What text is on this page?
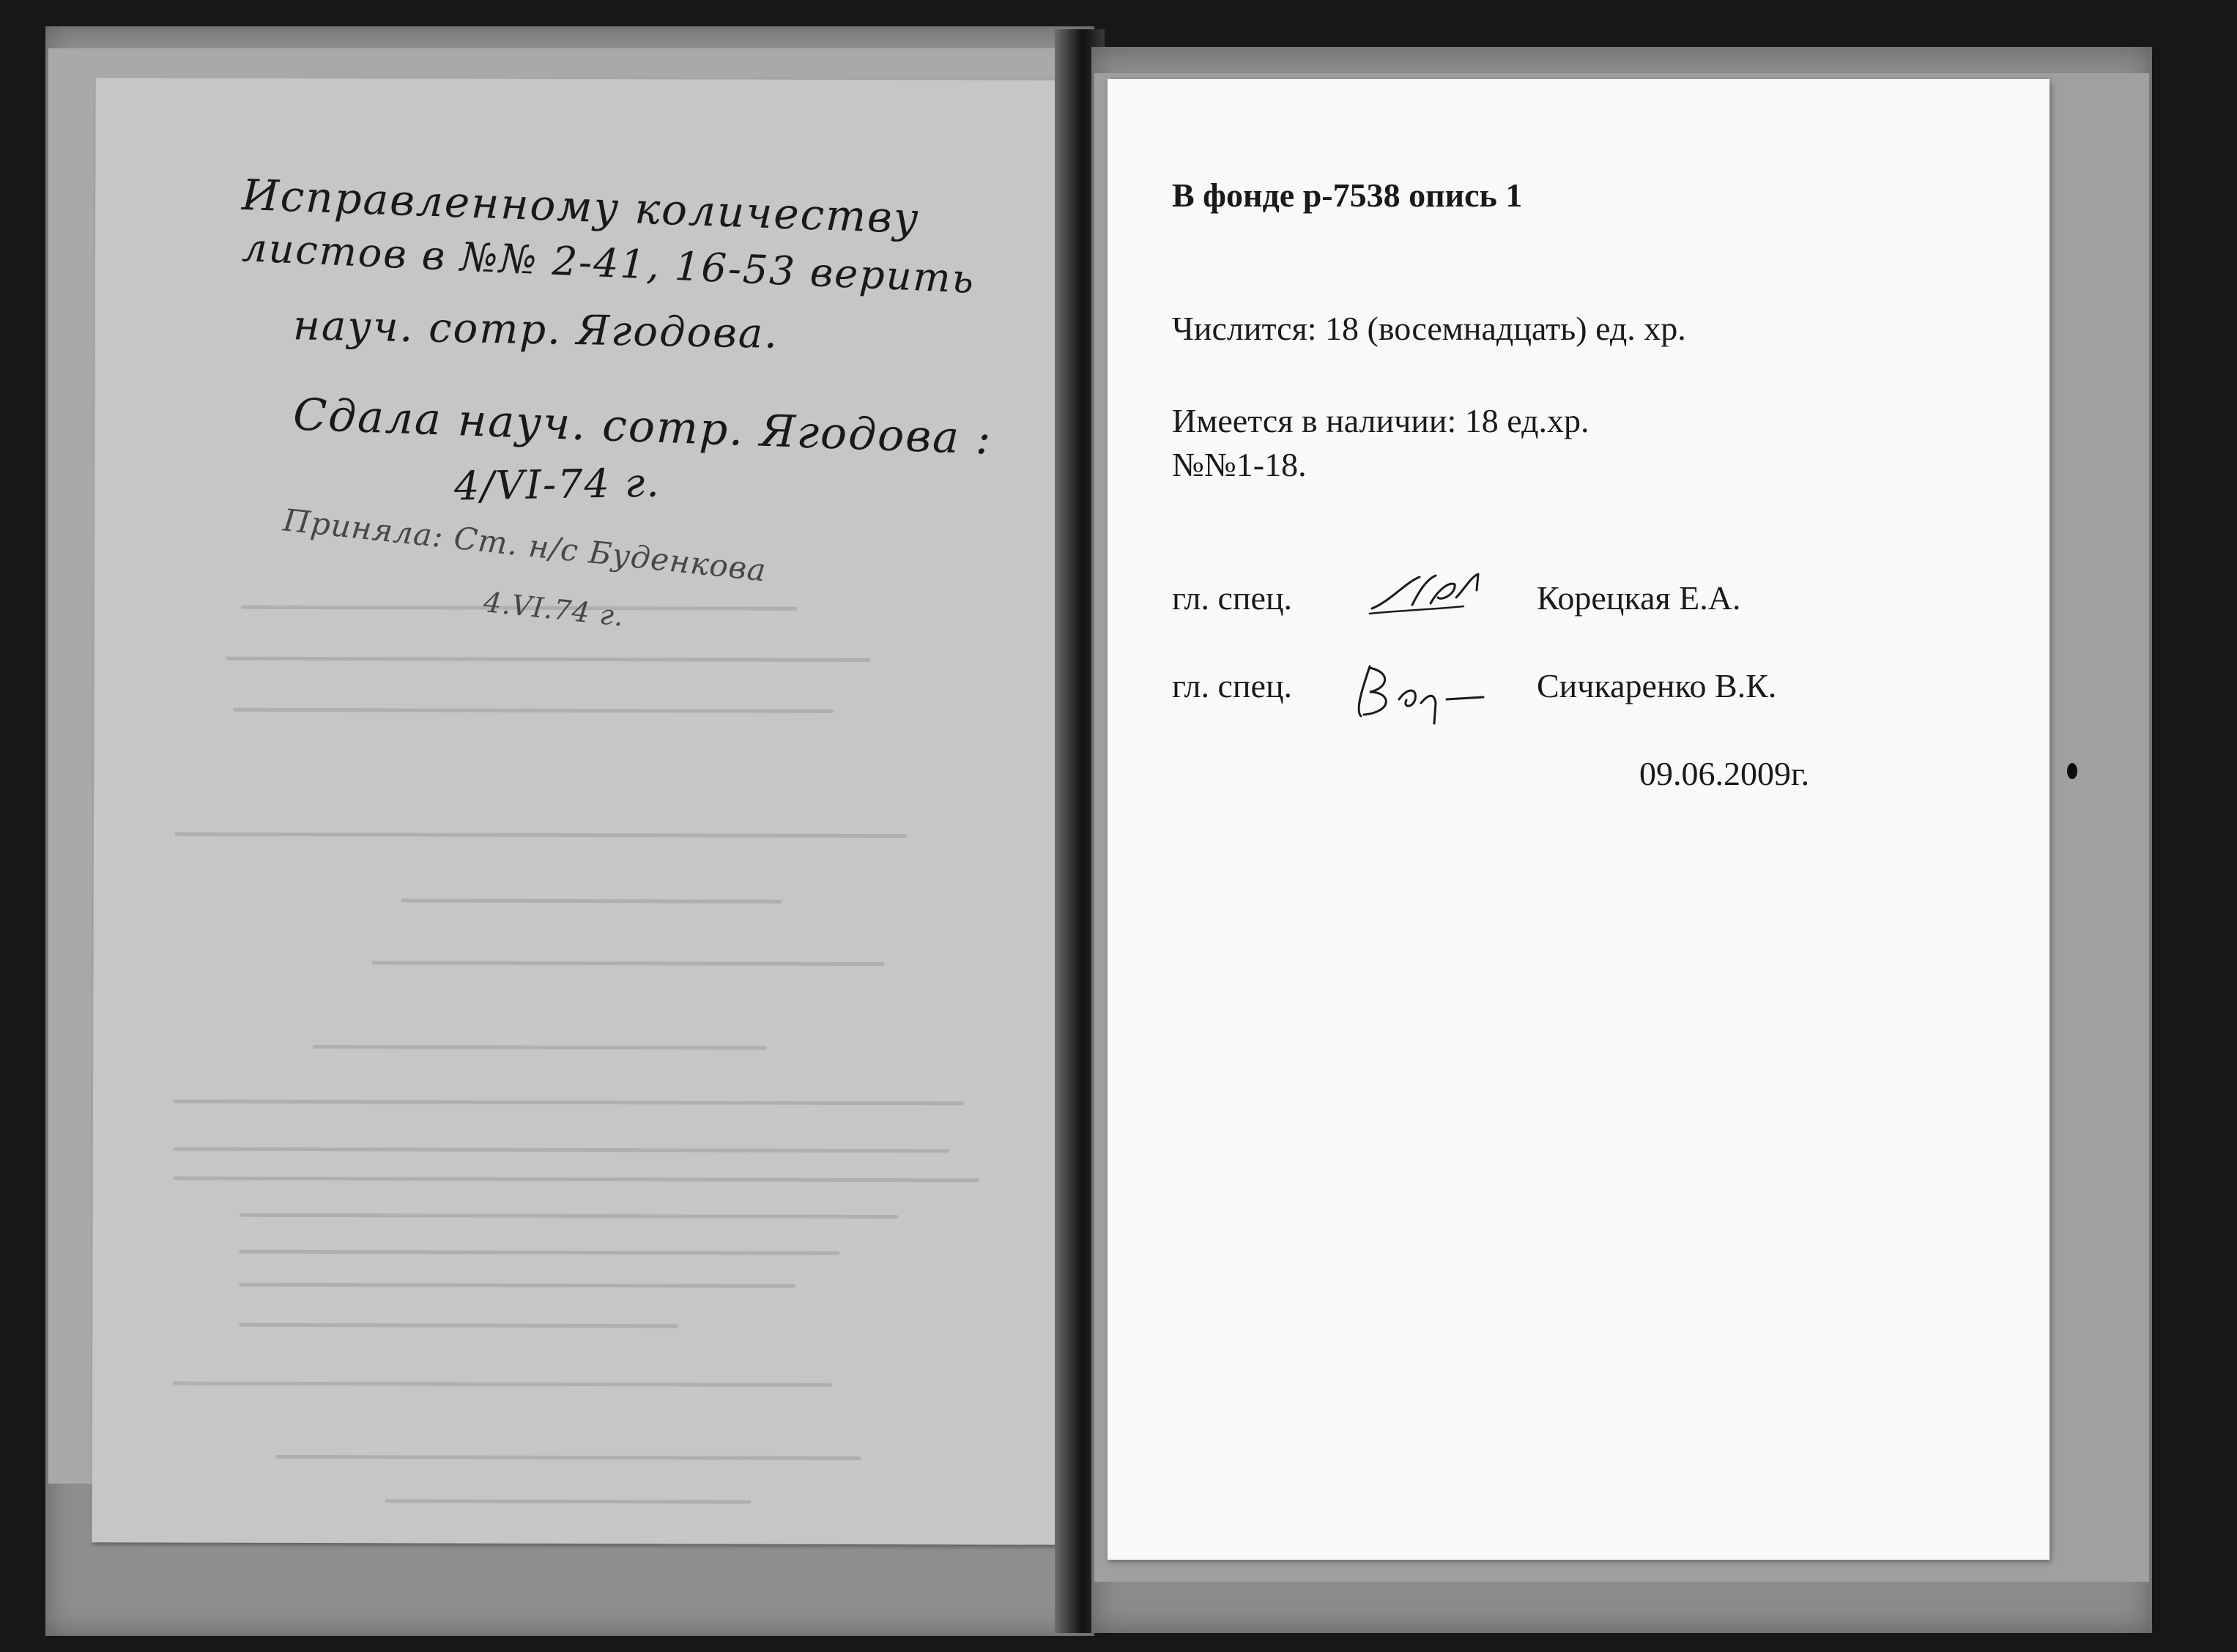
Исправленному количеству
листов в №№ 2-41, 16-53 верить
науч. сотр. Ягодова.
Сдала науч. сотр. Ягодова :
4/VI-74 г.
Приняла: Ст. н/с Буденкова
4.VI.74 г.
В фонде р-7538 опись 1
Числится: 18 (восемнадцать) ед. хр.
Имеется в наличии: 18 ед.хр.
№№1-18.
гл. спец.	Корецкая Е.А.
гл. спец.	Сичкаренко В.К.
09.06.2009г.
